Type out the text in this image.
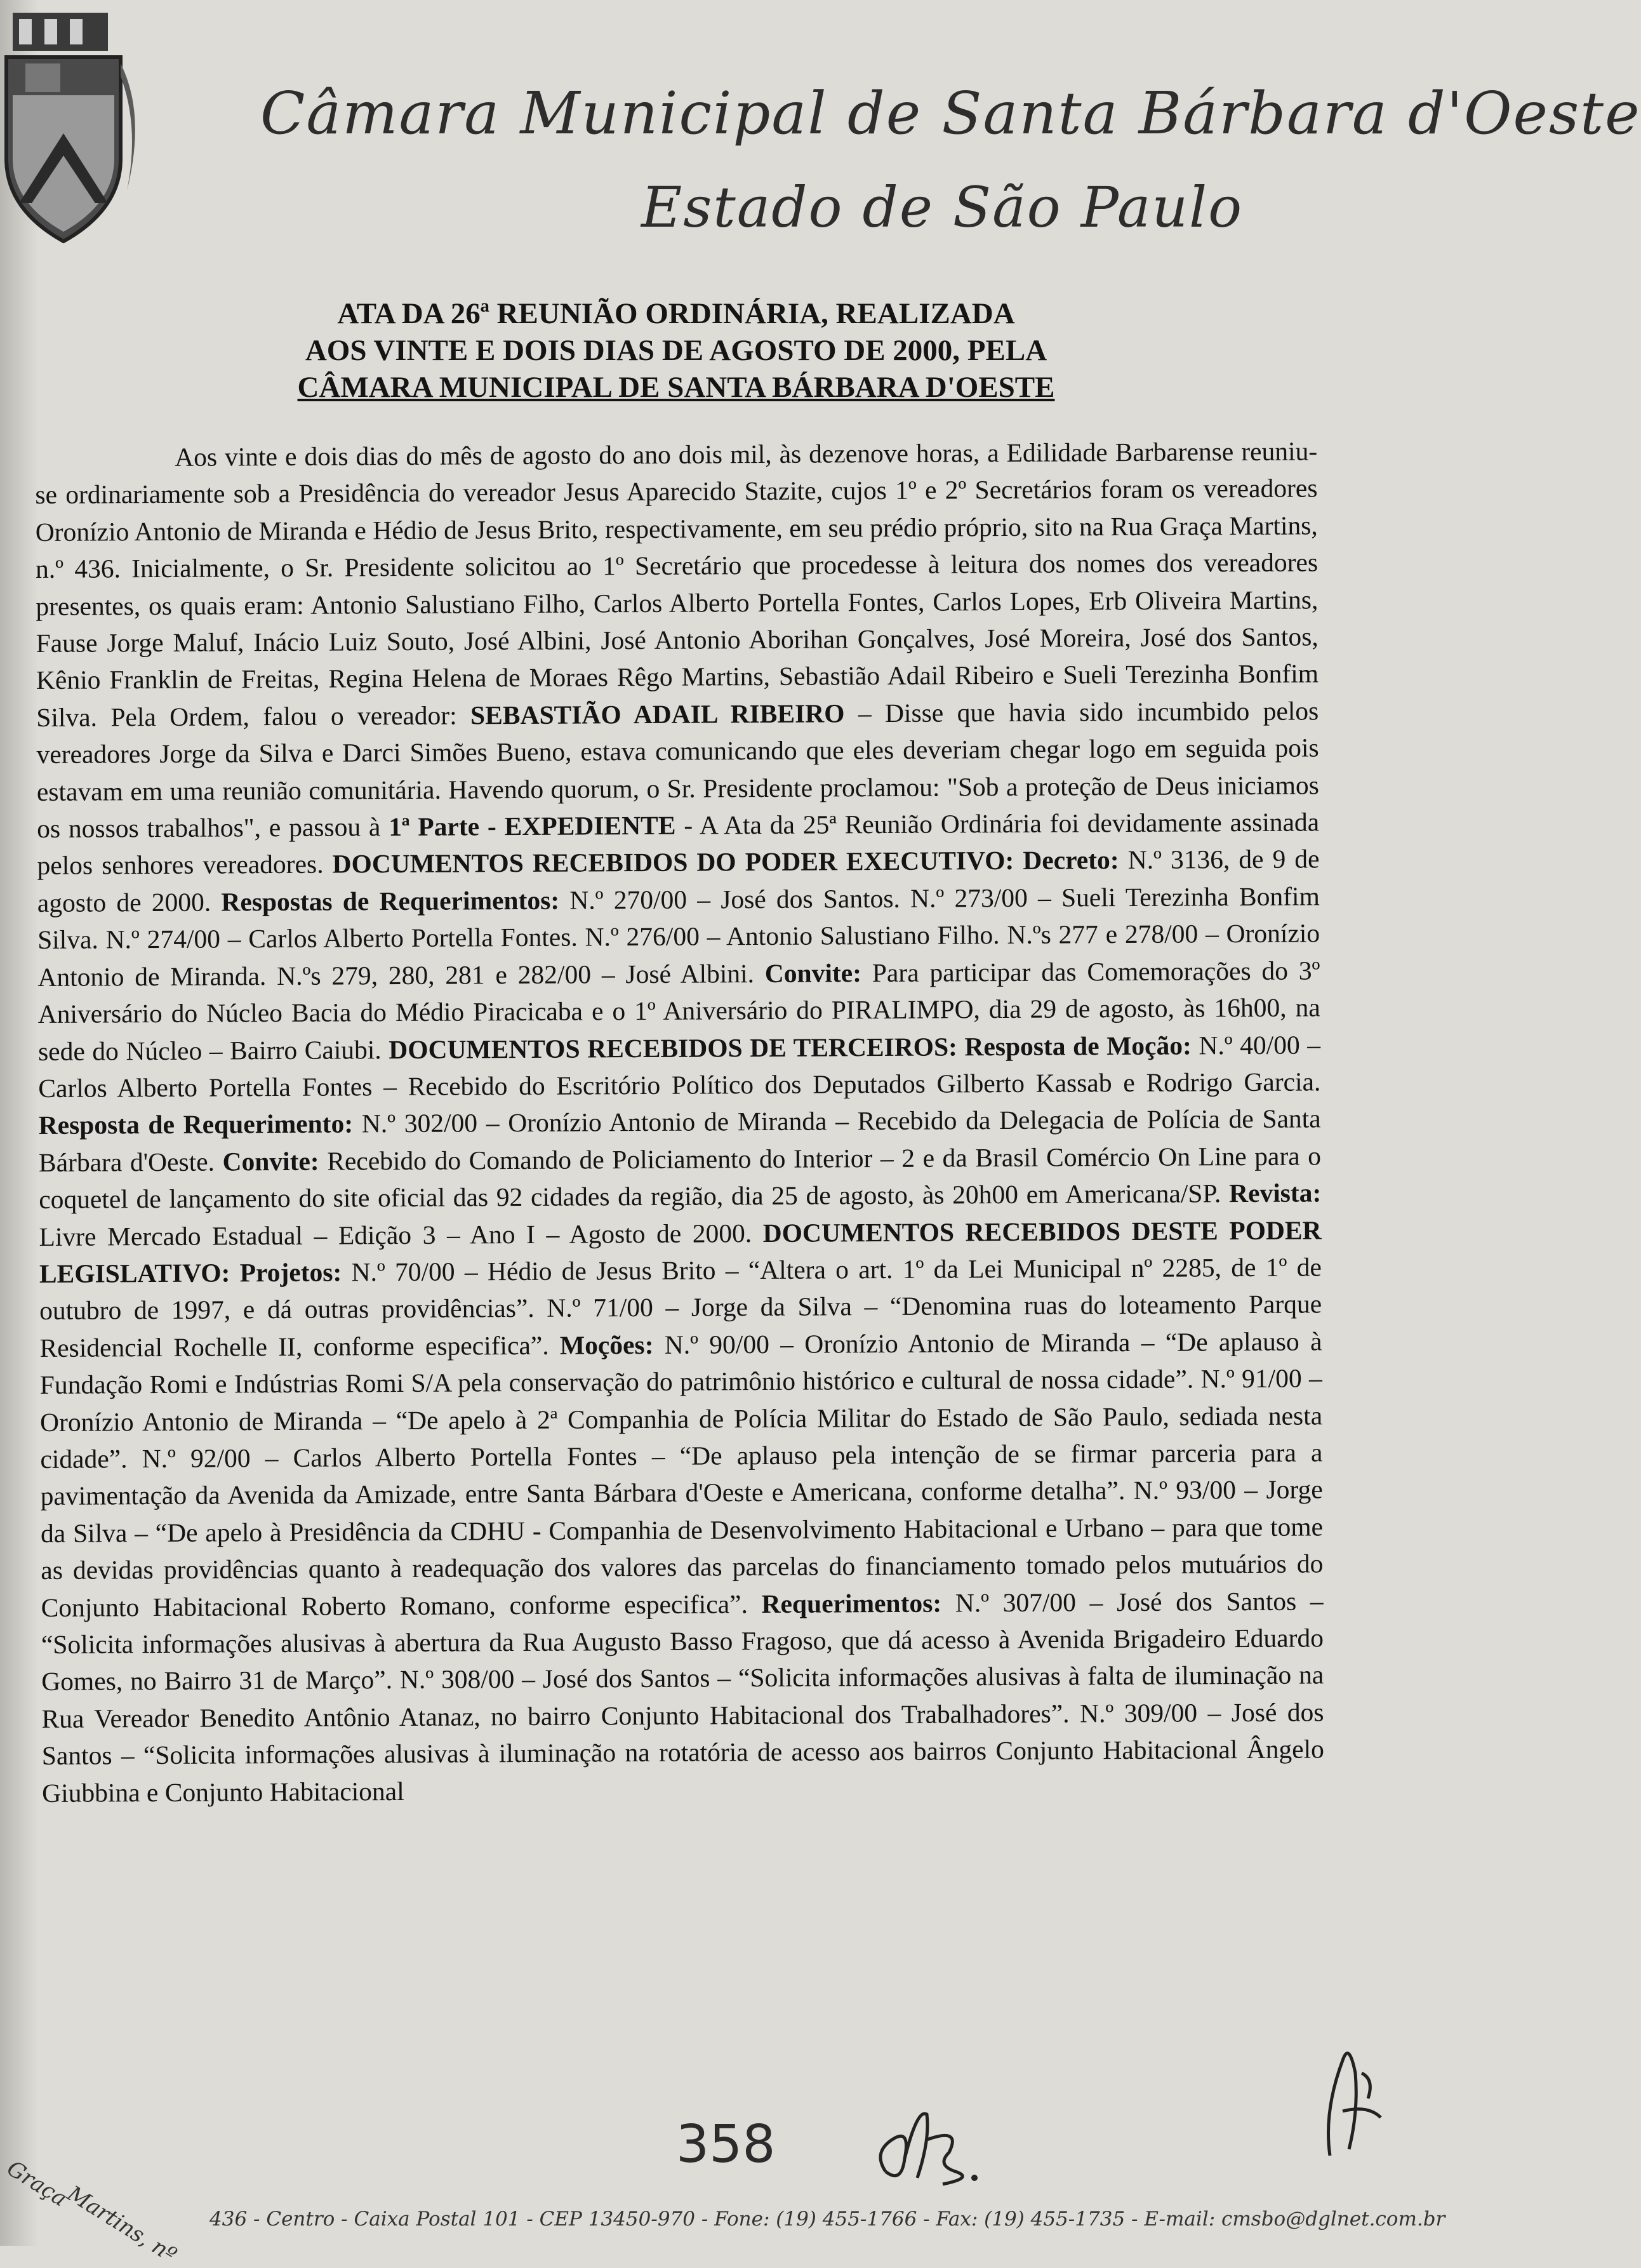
Câmara Municipal de Santa Bárbara d'Oeste
Estado de São Paulo
ATA DA 26ª REUNIÃO ORDINÁRIA, REALIZADA
AOS VINTE E DOIS DIAS DE AGOSTO DE 2000, PELA
CÂMARA MUNICIPAL DE SANTA BÁRBARA D'OESTE
Aos vinte e dois dias do mês de agosto do ano dois mil, às dezenove horas, a Edilidade Barbarense reuniu-se ordinariamente sob a Presidência do vereador Jesus Aparecido Stazite, cujos 1º e 2º Secretários foram os vereadores Oronízio Antonio de Miranda e Hédio de Jesus Brito, respectivamente, em seu prédio próprio, sito na Rua Graça Martins, n.º 436. Inicialmente, o Sr. Presidente solicitou ao 1º Secretário que procedesse à leitura dos nomes dos vereadores presentes, os quais eram: Antonio Salustiano Filho, Carlos Alberto Portella Fontes, Carlos Lopes, Erb Oliveira Martins, Fause Jorge Maluf, Inácio Luiz Souto, José Albini, José Antonio Aborihan Gonçalves, José Moreira, José dos Santos, Kênio Franklin de Freitas, Regina Helena de Moraes Rêgo Martins, Sebastião Adail Ribeiro e Sueli Terezinha Bonfim Silva. Pela Ordem, falou o vereador: SEBASTIÃO ADAIL RIBEIRO – Disse que havia sido incumbido pelos vereadores Jorge da Silva e Darci Simões Bueno, estava comunicando que eles deveriam chegar logo em seguida pois estavam em uma reunião comunitária. Havendo quorum, o Sr. Presidente proclamou: "Sob a proteção de Deus iniciamos os nossos trabalhos", e passou à 1ª Parte - EXPEDIENTE - A Ata da 25ª Reunião Ordinária foi devidamente assinada pelos senhores vereadores. DOCUMENTOS RECEBIDOS DO PODER EXECUTIVO: Decreto: N.º 3136, de 9 de agosto de 2000. Respostas de Requerimentos: N.º 270/00 – José dos Santos. N.º 273/00 – Sueli Terezinha Bonfim Silva. N.º 274/00 – Carlos Alberto Portella Fontes. N.º 276/00 – Antonio Salustiano Filho. N.ºs 277 e 278/00 – Oronízio Antonio de Miranda. N.ºs 279, 280, 281 e 282/00 – José Albini. Convite: Para participar das Comemorações do 3º Aniversário do Núcleo Bacia do Médio Piracicaba e o 1º Aniversário do PIRALIMPO, dia 29 de agosto, às 16h00, na sede do Núcleo – Bairro Caiubi. DOCUMENTOS RECEBIDOS DE TERCEIROS: Resposta de Moção: N.º 40/00 – Carlos Alberto Portella Fontes – Recebido do Escritório Político dos Deputados Gilberto Kassab e Rodrigo Garcia. Resposta de Requerimento: N.º 302/00 – Oronízio Antonio de Miranda – Recebido da Delegacia de Polícia de Santa Bárbara d'Oeste. Convite: Recebido do Comando de Policiamento do Interior – 2 e da Brasil Comércio On Line para o coquetel de lançamento do site oficial das 92 cidades da região, dia 25 de agosto, às 20h00 em Americana/SP. Revista: Livre Mercado Estadual – Edição 3 – Ano I – Agosto de 2000. DOCUMENTOS RECEBIDOS DESTE PODER LEGISLATIVO: Projetos: N.º 70/00 – Hédio de Jesus Brito – “Altera o art. 1º da Lei Municipal nº 2285, de 1º de outubro de 1997, e dá outras providências”. N.º 71/00 – Jorge da Silva – “Denomina ruas do loteamento Parque Residencial Rochelle II, conforme especifica”. Moções: N.º 90/00 – Oronízio Antonio de Miranda – “De aplauso à Fundação Romi e Indústrias Romi S/A pela conservação do patrimônio histórico e cultural de nossa cidade”. N.º 91/00 – Oronízio Antonio de Miranda – “De apelo à 2ª Companhia de Polícia Militar do Estado de São Paulo, sediada nesta cidade”. N.º 92/00 – Carlos Alberto Portella Fontes – “De aplauso pela intenção de se firmar parceria para a pavimentação da Avenida da Amizade, entre Santa Bárbara d'Oeste e Americana, conforme detalha”. N.º 93/00 – Jorge da Silva – “De apelo à Presidência da CDHU - Companhia de Desenvolvimento Habitacional e Urbano – para que tome as devidas providências quanto à readequação dos valores das parcelas do financiamento tomado pelos mutuários do Conjunto Habitacional Roberto Romano, conforme especifica”. Requerimentos: N.º 307/00 – José dos Santos – “Solicita informações alusivas à abertura da Rua Augusto Basso Fragoso, que dá acesso à Avenida Brigadeiro Eduardo Gomes, no Bairro 31 de Março”. N.º 308/00 – José dos Santos – “Solicita informações alusivas à falta de iluminação na Rua Vereador Benedito Antônio Atanaz, no bairro Conjunto Habitacional dos Trabalhadores”. N.º 309/00 – José dos Santos – “Solicita informações alusivas à iluminação na rotatória de acesso aos bairros Conjunto Habitacional Ângelo Giubbina e Conjunto Habitacional
358
Graça
Martins, nº 436 - Centro - Caixa Postal 101 - CEP 13450-970 - Fone: (19) 455-1766 - Fax: (19) 455-1735 - E-mail: cmsbo@dglnet.com.br
